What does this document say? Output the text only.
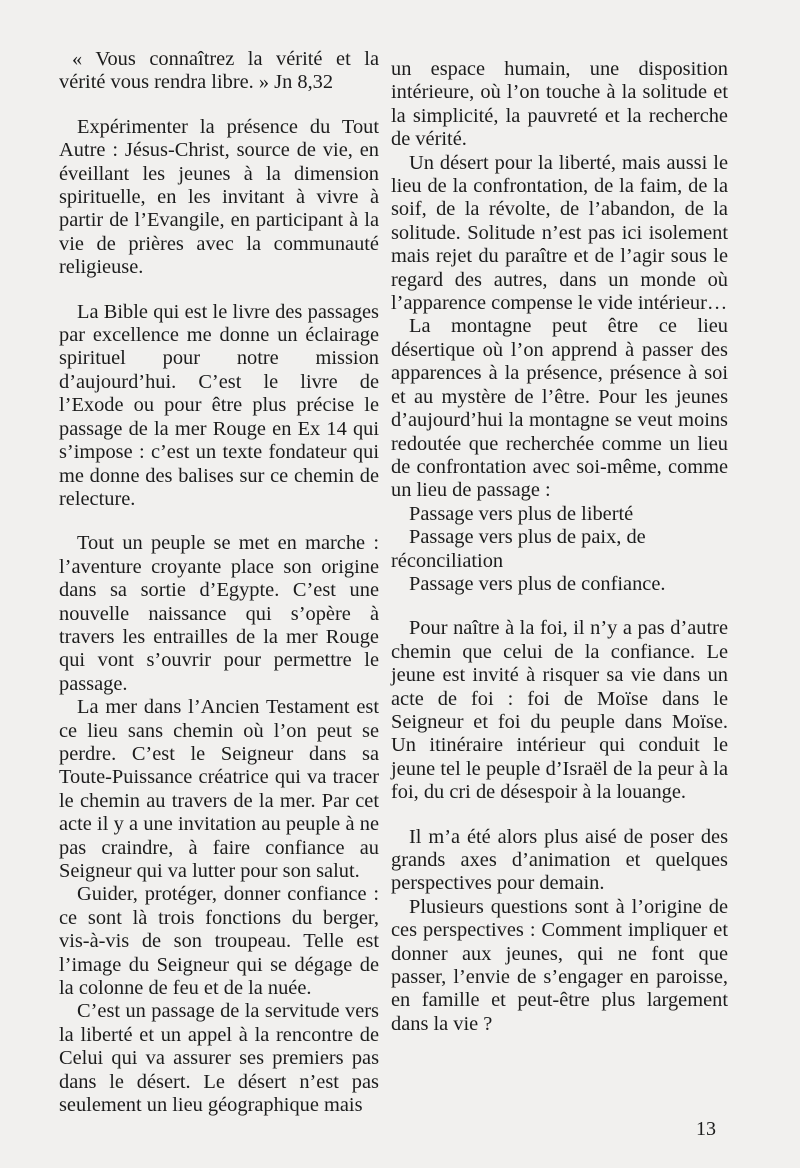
« Vous connaîtrez la vérité et la vérité vous rendra libre. » Jn 8,32

Expérimenter la présence du Tout Autre : Jésus-Christ, source de vie, en éveillant les jeunes à la dimension spirituelle, en les invitant à vivre à partir de l’Evangile, en participant à la vie de prières avec la communauté religieuse.

La Bible qui est le livre des passages par excellence me donne un éclairage spirituel pour notre mission d’aujourd’hui. C’est le livre de l’Exode ou pour être plus précise le passage de la mer Rouge en Ex 14 qui s’impose : c’est un texte fondateur qui me donne des balises sur ce chemin de relecture.

Tout un peuple se met en marche : l’aventure croyante place son origine dans sa sortie d’Egypte. C’est une nouvelle naissance qui s’opère à travers les entrailles de la mer Rouge qui vont s’ouvrir pour permettre le passage.

La mer dans l’Ancien Testament est ce lieu sans chemin où l’on peut se perdre. C’est le Seigneur dans sa Toute-Puissance créatrice qui va tracer le chemin au travers de la mer. Par cet acte il y a une invitation au peuple à ne pas craindre, à faire confiance au Seigneur qui va lutter pour son salut.

Guider, protéger, donner confiance : ce sont là trois fonctions du berger, vis-à-vis de son troupeau. Telle est l’image du Seigneur qui se dégage de la colonne de feu et de la nuée.

C’est un passage de la servitude vers la liberté et un appel à la rencontre de Celui qui va assurer ses premiers pas dans le désert. Le désert n’est pas seulement un lieu géographique mais

un espace humain, une disposition intérieure, où l’on touche à la solitude et la simplicité, la pauvreté et la recherche de vérité.

Un désert pour la liberté, mais aussi le lieu de la confrontation, de la faim, de la soif, de la révolte, de l’abandon, de la solitude. Solitude n’est pas ici isolement mais rejet du paraître et de l’agir sous le regard des autres, dans un monde où l’apparence compense le vide intérieur…

La montagne peut être ce lieu désertique où l’on apprend à passer des apparences à la présence, présence à soi et au mystère de l’être. Pour les jeunes d’aujourd’hui la montagne se veut moins redoutée que recherchée comme un lieu de confrontation avec soi-même, comme un lieu de passage :

Passage vers plus de liberté

Passage vers plus de paix, de réconciliation

Passage vers plus de confiance.

Pour naître à la foi, il n’y a pas d’autre chemin que celui de la confiance. Le jeune est invité à risquer sa vie dans un acte de foi : foi de Moïse dans le Seigneur et foi du peuple dans Moïse. Un itinéraire intérieur qui conduit le jeune tel le peuple d’Israël de la peur à la foi, du cri de désespoir à la louange.

Il m’a été alors plus aisé de poser des grands axes d’animation et quelques perspectives pour demain.

Plusieurs questions sont à l’origine de ces perspectives : Comment impliquer et donner aux jeunes, qui ne font que passer, l’envie de s’engager en paroisse, en famille et peut-être plus largement dans la vie ?

13
